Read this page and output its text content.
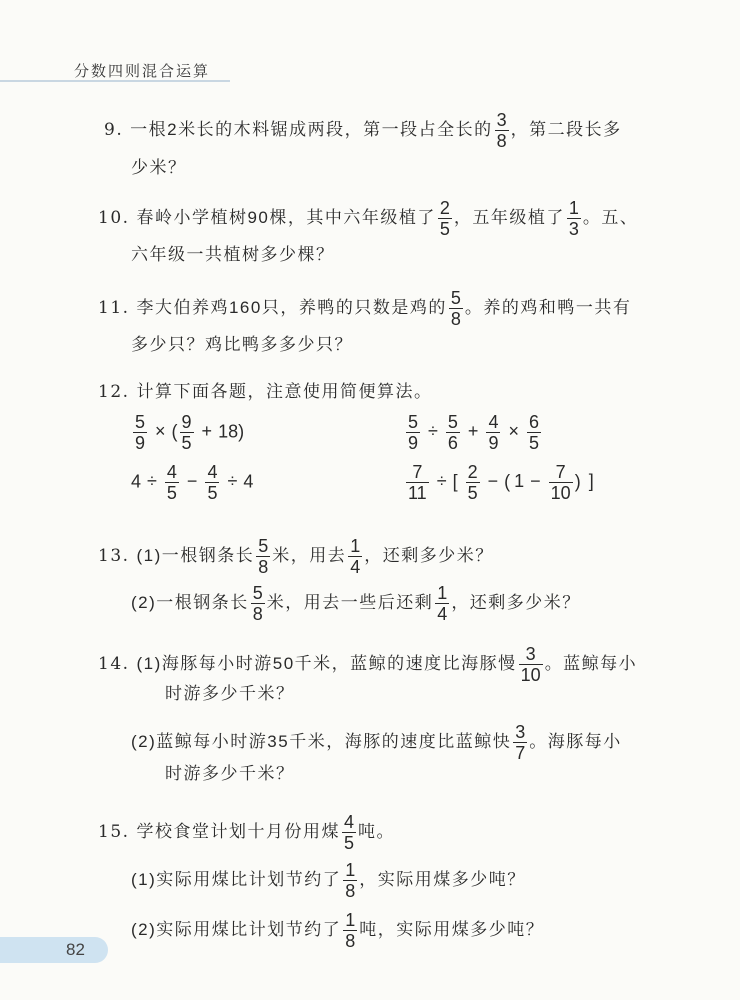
分数四则混合运算
9. 一根2米长的木料锯成两段，第一段占全长的 $\frac{3}{8}$ ，第二段长多
少米？
10. 春岭小学植树90棵，其中六年级植了 $\frac{2}{5}$ ，五年级植了 $\frac{1}{3}$ 。五、
六年级一共植树多少棵？
11. 李大伯养鸡160只，养鸭的只数是鸡的 $\frac{5}{8}$ 。养的鸡和鸭一共有
多少只？鸡比鸭多多少只？
12. 计算下面各题，注意使用简便算法。
$\frac{5}{9}$ × ( $\frac{9}{5} + 18$)	$\frac{5}{9} \div \frac{5}{6} + \frac{4}{9} \times \frac{6}{5}$
$4 \div \frac{4}{5} - \frac{4}{5} \div 4$	$\frac{7}{11}$ ÷ [ $\frac{2}{5}$ − ( $1 - \frac{7}{10}$ ) ]
13. (1)一根钢条长 $\frac{5}{8}$ 米，用去 $\frac{1}{4}$ ，还剩多少米？
(2)一根钢条长 $\frac{5}{8}$ 米，用去一些后还剩 $\frac{1}{4}$ ，还剩多少米？
14. (1)海豚每小时游50千米，蓝鲸的速度比海豚慢 $\frac{3}{10}$ 。蓝鲸每小
时游多少千米？
(2)蓝鲸每小时游35千米，海豚的速度比蓝鲸快 $\frac{3}{7}$ 。海豚每小
时游多少千米？
15. 学校食堂计划十月份用煤 $\frac{4}{5}$ 吨。
(1)实际用煤比计划节约了 $\frac{1}{8}$ ，实际用煤多少吨？
(2)实际用煤比计划节约了 $\frac{1}{8}$ 吨，实际用煤多少吨？
82
